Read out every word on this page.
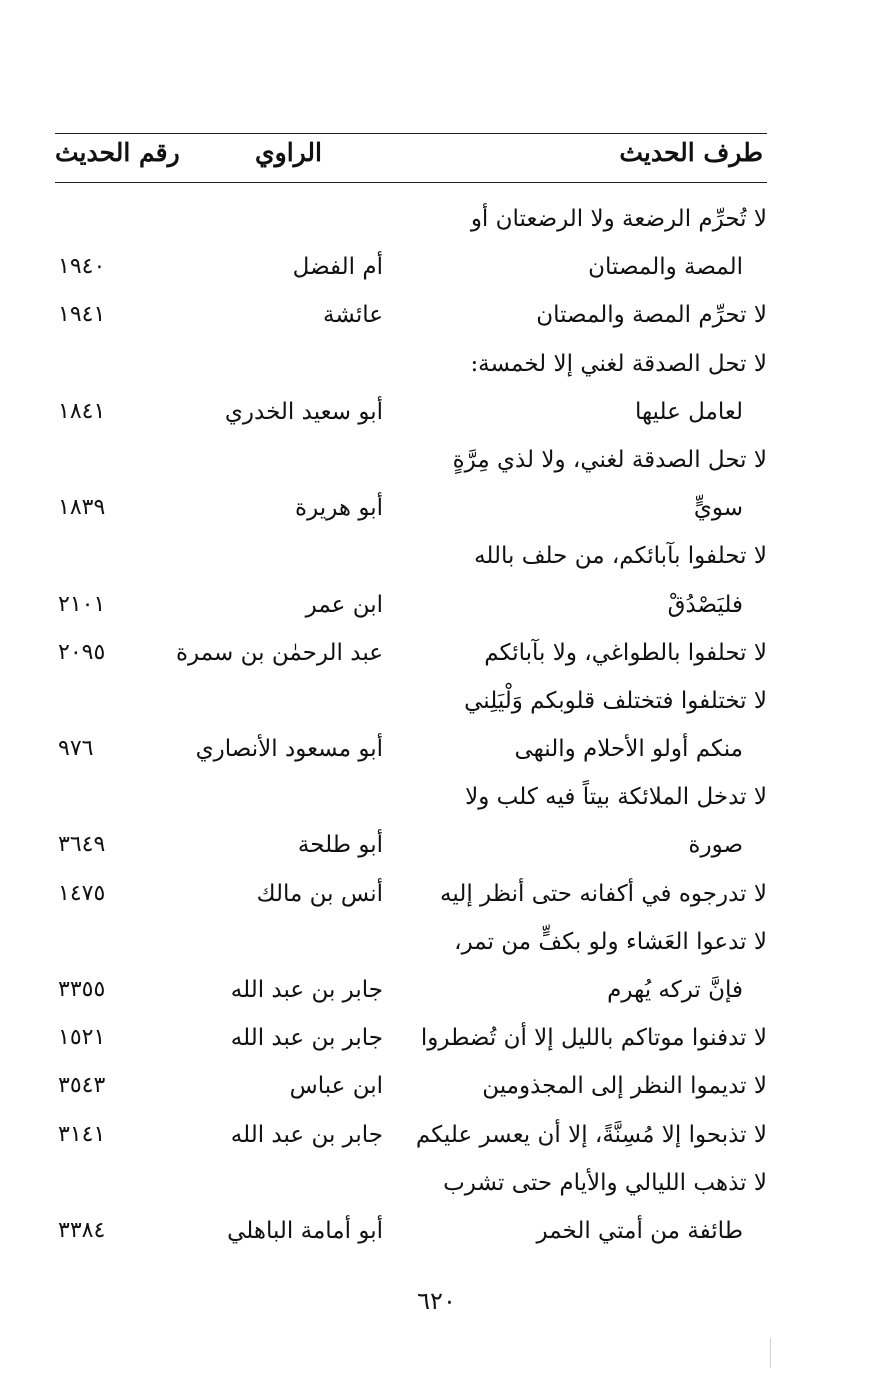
طرف الحديث
الراوي
رقم الحديث
لا تُحرِّم الرضعة ولا الرضعتان أو
المصة والمصتان
أم الفضل
١٩٤٠
لا تحرِّم المصة والمصتان
عائشة
١٩٤١
لا تحل الصدقة لغني إلا لخمسة:
لعامل عليها
أبو سعيد الخدري
١٨٤١
لا تحل الصدقة لغني، ولا لذي مِرَّةٍ
سويٍّ
أبو هريرة
١٨٣٩
لا تحلفوا بآبائكم، من حلف بالله
فليَصْدُقْ
ابن عمر
٢١٠١
لا تحلفوا بالطواغي، ولا بآبائكم
عبد الرحمٰن بن سمرة
٢٠٩٥
لا تختلفوا فتختلف قلوبكم وَلْيَلِني
منكم أولو الأحلام والنهى
أبو مسعود الأنصاري
٩٧٦
لا تدخل الملائكة بيتاً فيه كلب ولا
صورة
أبو طلحة
٣٦٤٩
لا تدرجوه في أكفانه حتى أنظر إليه
أنس بن مالك
١٤٧٥
لا تدعوا العَشاء ولو بكفٍّ من تمر،
فإنَّ تركه يُهرم
جابر بن عبد الله
٣٣٥٥
لا تدفنوا موتاكم بالليل إلا أن تُضطروا
جابر بن عبد الله
١٥٢١
لا تديموا النظر إلى المجذومين
ابن عباس
٣٥٤٣
لا تذبحوا إلا مُسِنَّةً، إلا أن يعسر عليكم
جابر بن عبد الله
٣١٤١
لا تذهب الليالي والأيام حتى تشرب
طائفة من أمتي الخمر
أبو أمامة الباهلي
٣٣٨٤
٦٢٠
